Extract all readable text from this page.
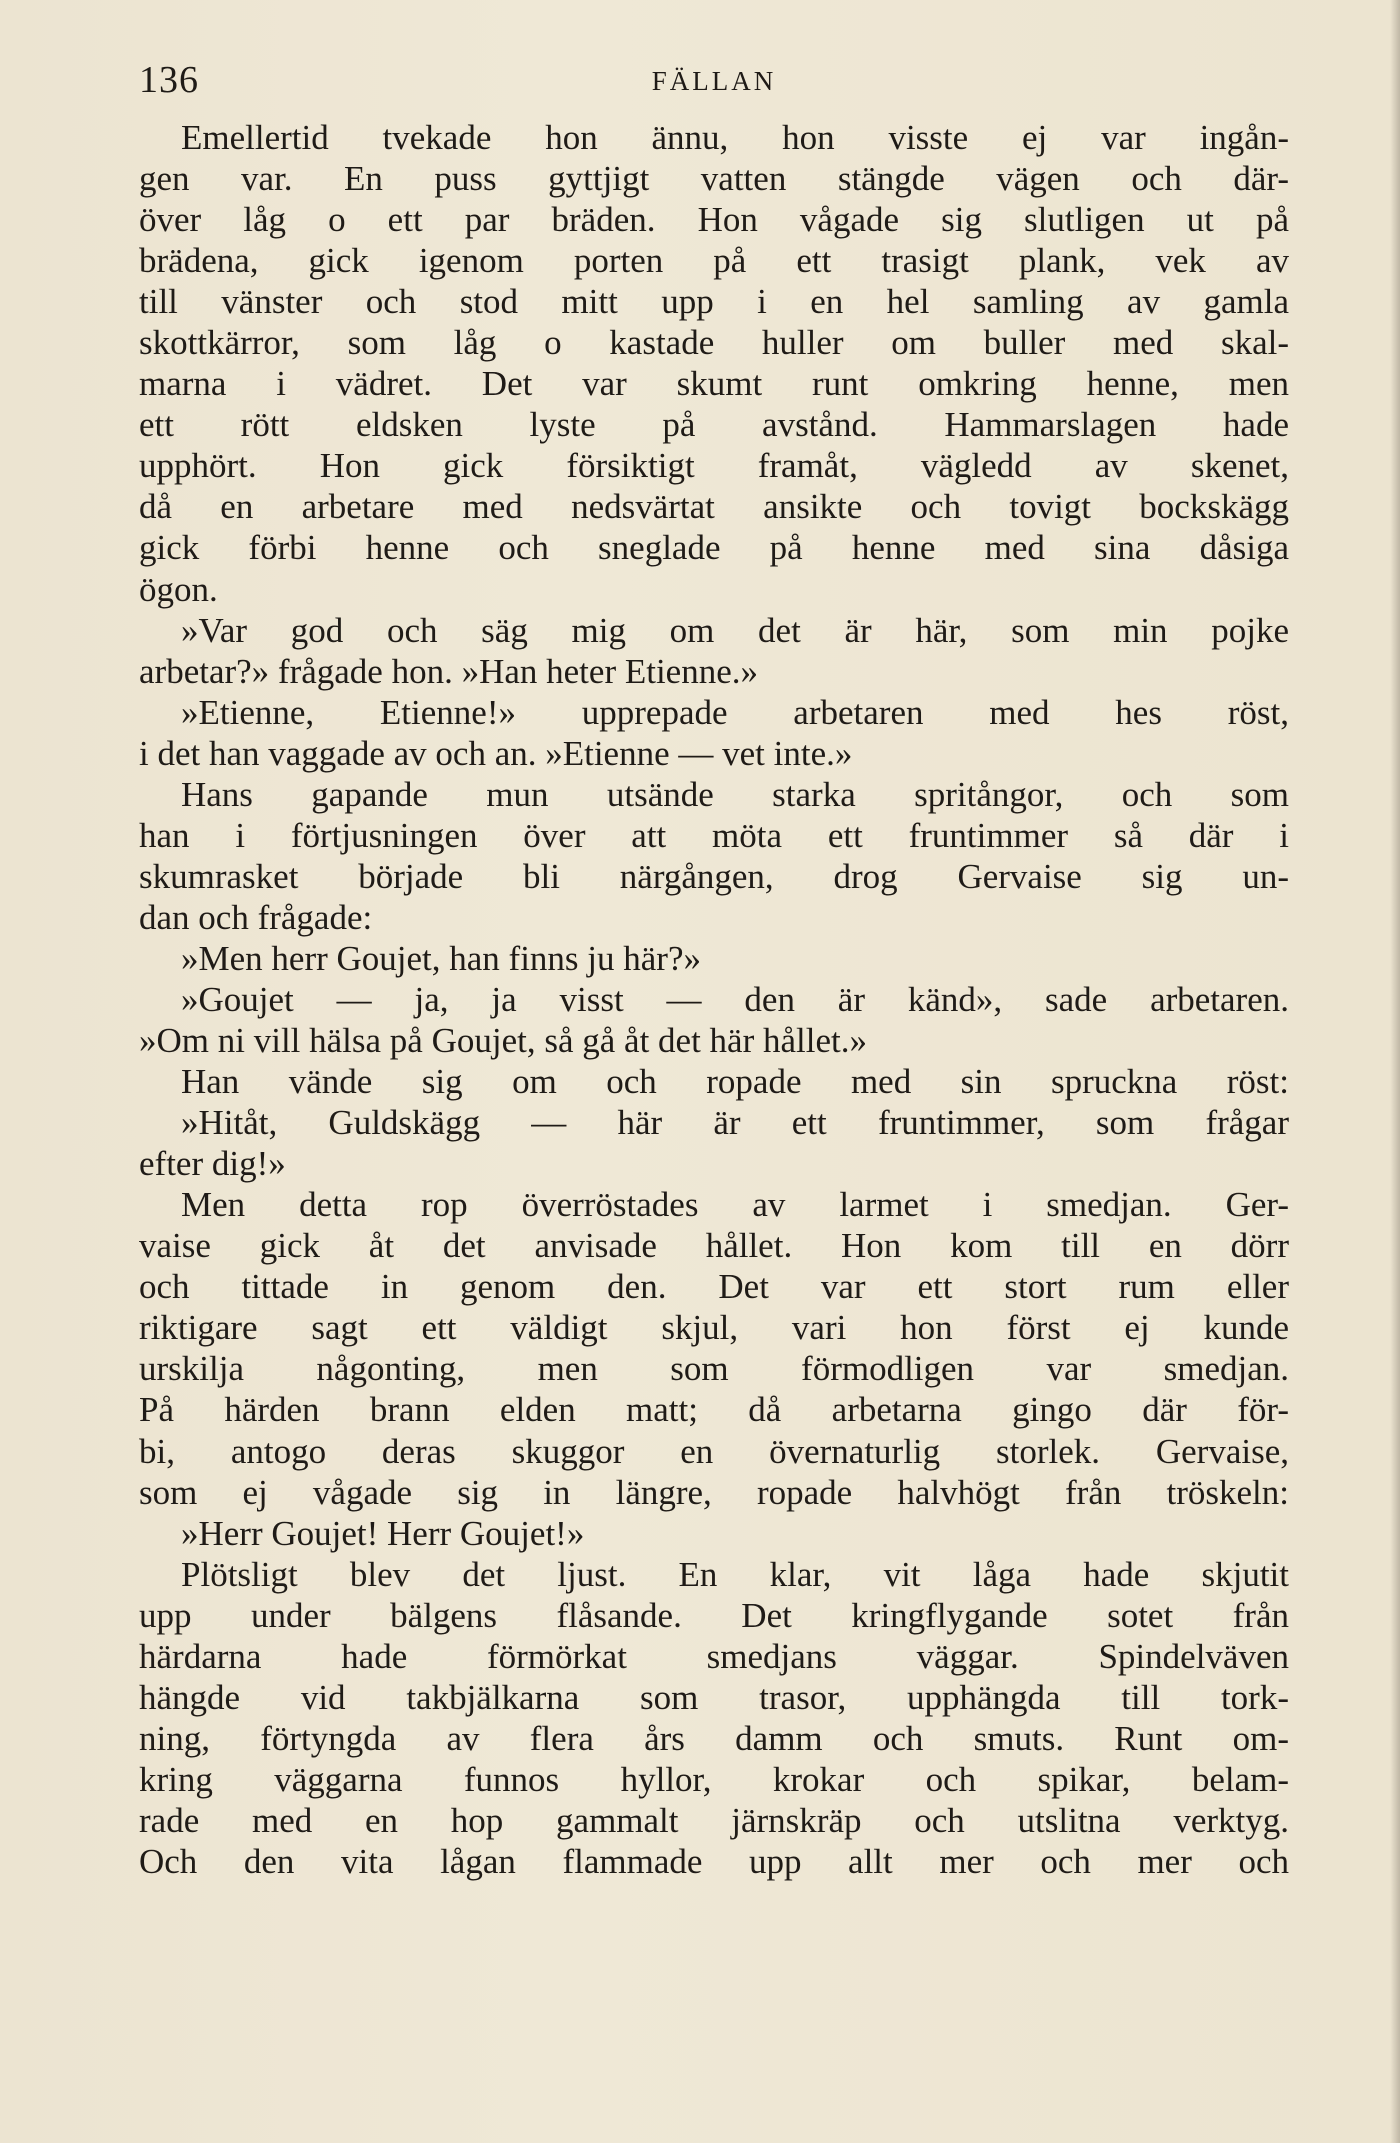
136	FÄLLAN
Emellertid tvekade hon ännu, hon visste ej var ingån-
gen var. En puss gyttjigt vatten stängde vägen och där-
över låg o ett par bräden. Hon vågade sig slutligen ut på
brädena, gick igenom porten på ett trasigt plank, vek av
till vänster och stod mitt upp i en hel samling av gamla
skottkärror, som låg o kastade huller om buller med skal-
marna i vädret. Det var skumt runt omkring henne, men
ett rött eldsken lyste på avstånd. Hammarslagen hade
upphört. Hon gick försiktigt framåt, vägledd av skenet,
då en arbetare med nedsvärtat ansikte och tovigt bockskägg
gick förbi henne och sneglade på henne med sina dåsiga
ögon.
»Var god och säg mig om det är här, som min pojke
arbetar?» frågade hon. »Han heter Etienne.»
»Etienne, Etienne!» upprepade arbetaren med hes röst,
i det han vaggade av och an. »Etienne — vet inte.»
Hans gapande mun utsände starka spritångor, och som
han i förtjusningen över att möta ett fruntimmer så där i
skumrasket började bli närgången, drog Gervaise sig un-
dan och frågade:
»Men herr Goujet, han finns ju här?»
»Goujet — ja, ja visst — den är känd», sade arbetaren.
»Om ni vill hälsa på Goujet, så gå åt det här hållet.»
Han vände sig om och ropade med sin spruckna röst:
»Hitåt, Guldskägg — här är ett fruntimmer, som frågar
efter dig!»
Men detta rop överröstades av larmet i smedjan. Ger-
vaise gick åt det anvisade hållet. Hon kom till en dörr
och tittade in genom den. Det var ett stort rum eller
riktigare sagt ett väldigt skjul, vari hon först ej kunde
urskilja någonting, men som förmodligen var smedjan.
På härden brann elden matt; då arbetarna gingo där för-
bi, antogo deras skuggor en övernaturlig storlek. Gervaise,
som ej vågade sig in längre, ropade halvhögt från tröskeln:
»Herr Goujet! Herr Goujet!»
Plötsligt blev det ljust. En klar, vit låga hade skjutit
upp under bälgens flåsande. Det kringflygande sotet från
härdarna hade förmörkat smedjans väggar. Spindelväven
hängde vid takbjälkarna som trasor, upphängda till tork-
ning, förtyngda av flera års damm och smuts. Runt om-
kring väggarna funnos hyllor, krokar och spikar, belam-
rade med en hop gammalt järnskräp och utslitna verktyg.
Och den vita lågan flammade upp allt mer och mer och
